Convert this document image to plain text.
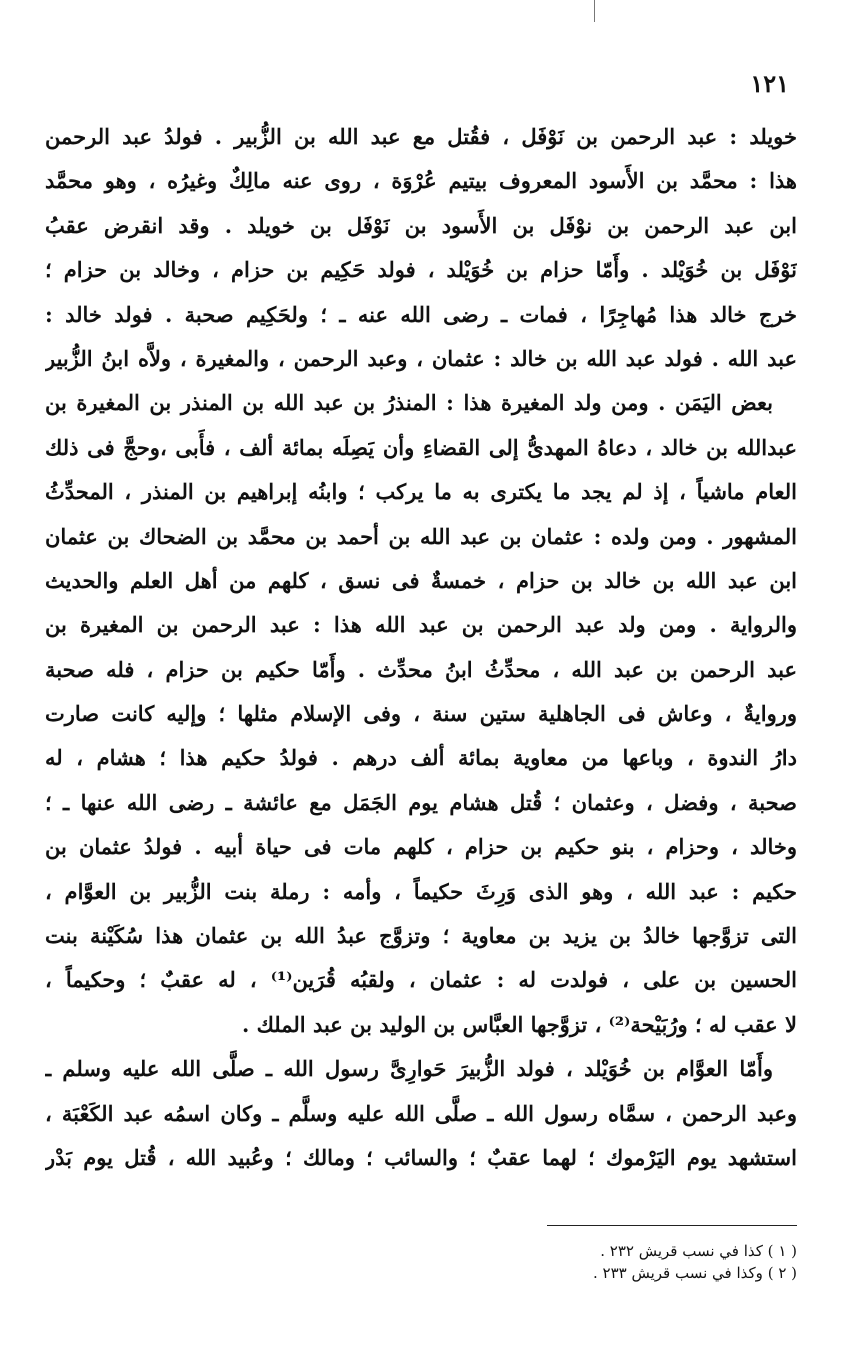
١٢١
خويلد : عبد الرحمن بن نَوْفَل ، فقُتل مع عبد الله بن الزُّبير . فولدُ عبد الرحمن
هذا : محمَّد بن الأَسود المعروف بيتيم عُرْوَة ، روى عنه مالِكٌ وغيرُه ، وهو محمَّد
ابن عبد الرحمن بن نوْفَل بن الأَسود بن نَوْفَل بن خويلد . وقد انقرض عقبُ
نَوْفَل بن خُوَيْلد . وأَمّا حزام بن خُوَيْلد ، فولد حَكِيم بن حزام ، وخالد بن حزام ؛
خرج خالد هذا مُهاجِرًا ، فمات ـ رضى الله عنه ـ ؛ ولحَكِيم صحبة . فولد خالد :
عبد الله . فولد عبد الله بن خالد : عثمان ، وعبد الرحمن ، والمغيرة ، ولاَّه ابنُ الزُّبير
بعض اليَمَن . ومن ولد المغيرة هذا : المنذرُ بن عبد الله بن المنذر بن المغيرة بن
عبدالله بن خالد ، دعاهُ المهدىُّ إلى القضاءِ وأن يَصِلَه بمائة ألف ، فأَبى ،وحجَّ فى ذلك
العام ماشياً ، إذ لم يجد ما يكترى به ما يركب ؛ وابنُه إبراهيم بن المنذر ، المحدِّثُ
المشهور . ومن ولده : عثمان بن عبد الله بن أحمد بن محمَّد بن الضحاك بن عثمان
ابن عبد الله بن خالد بن حزام ، خمسةٌ فى نسق ، كلهم من أهل العلم والحديث
والرواية . ومن ولد عبد الرحمن بن عبد الله هذا : عبد الرحمن بن المغيرة بن
عبد الرحمن بن عبد الله ، محدِّثُ ابنُ محدِّث . وأَمّا حكيم بن حزام ، فله صحبة
وروايةٌ ، وعاش فى الجاهلية ستين سنة ، وفى الإسلام مثلها ؛ وإليه كانت صارت
دارُ الندوة ، وباعها من معاوية بمائة ألف درهم . فولدُ حكيم هذا ؛ هشام ، له
صحبة ، وفضل ، وعثمان ؛ قُتل هشام يوم الجَمَل مع عائشة ـ رضى الله عنها ـ ؛
وخالد ، وحزام ، بنو حكيم بن حزام ، كلهم مات فى حياة أبيه . فولدُ عثمان بن
حكيم : عبد الله ، وهو الذى وَرِثَ حكيماً ، وأمه : رملة بنت الزُّبير بن العوَّام ،
التى تزوَّجها خالدُ بن يزيد بن معاوية ؛ وتزوَّج عبدُ الله بن عثمان هذا سُكَيْنة بنت
الحسين بن على ، فولدت له : عثمان ، ولقبُه قُرَين⁽¹⁾ ، له عقبٌ ؛ وحكيماً ،
لا عقب له ؛ ورُبَيْحة⁽²⁾ ، تزوَّجها العبَّاس بن الوليد بن عبد الملك .
وأَمّا العوَّام بن خُوَيْلد ، فولد الزُّبيرَ حَوارِىَّ رسول الله ـ صلَّى الله عليه وسلم ـ
وعبد الرحمن ، سمَّاه رسول الله ـ صلَّى الله عليه وسلَّم ـ وكان اسمُه عبد الكَعْبَة ،
استشهد يوم اليَرْموك ؛ لهما عقبٌ ؛ والسائب ؛ ومالك ؛ وعُبيد الله ، قُتل يوم بَدْر
( ١ ) كذا في نسب قريش ٢٣٢ .
( ٢ ) وكذا في نسب قريش ٢٣٣ .
